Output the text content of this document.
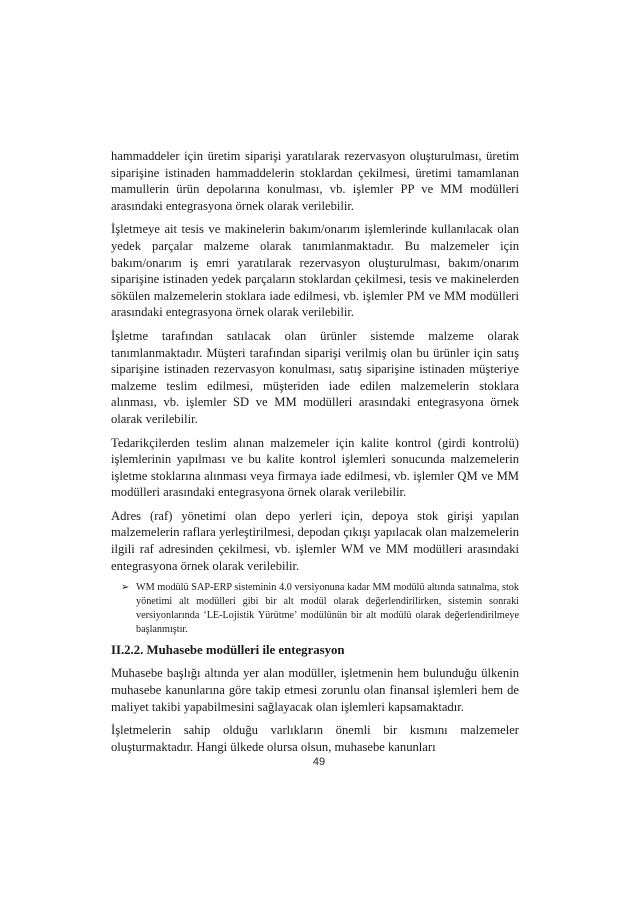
hammaddeler için üretim siparişi yaratılarak rezervasyon oluşturulması, üretim siparişine istinaden hammaddelerin stoklardan çekilmesi, üretimi tamamlanan mamullerin ürün depolarına konulması, vb. işlemler PP ve MM modülleri arasındaki entegrasyona örnek olarak verilebilir.

İşletmeye ait tesis ve makinelerin bakım/onarım işlemlerinde kullanılacak olan yedek parçalar malzeme olarak tanımlanmaktadır. Bu malzemeler için bakım/onarım iş emri yaratılarak rezervasyon oluşturulması, bakım/onarım siparişine istinaden yedek parçaların stoklardan çekilmesi, tesis ve makinelerden sökülen malzemelerin stoklara iade edilmesi, vb. işlemler PM ve MM modülleri arasındaki entegrasyona örnek olarak verilebilir.

İşletme tarafından satılacak olan ürünler sistemde malzeme olarak tanımlanmaktadır. Müşteri tarafından siparişi verilmiş olan bu ürünler için satış siparişine istinaden rezervasyon konulması, satış siparişine istinaden müşteriye malzeme teslim edilmesi, müşteriden iade edilen malzemelerin stoklara alınması, vb. işlemler SD ve MM modülleri arasındaki entegrasyona örnek olarak verilebilir.

Tedarikçilerden teslim alınan malzemeler için kalite kontrol (girdi kontrolü) işlemlerinin yapılması ve bu kalite kontrol işlemleri sonucunda malzemelerin işletme stoklarına alınması veya firmaya iade edilmesi, vb. işlemler QM ve MM modülleri arasındaki entegrasyona örnek olarak verilebilir.

Adres (raf) yönetimi olan depo yerleri için, depoya stok girişi yapılan malzemelerin raflara yerleştirilmesi, depodan çıkışı yapılacak olan malzemelerin ilgili raf adresinden çekilmesi, vb. işlemler WM ve MM modülleri arasındaki entegrasyona örnek olarak verilebilir.

➢ WM modülü SAP-ERP sisteminin 4.0 versiyonuna kadar MM modülü altında satınalma, stok yönetimi alt modülleri gibi bir alt modül olarak değerlendirilirken, sistemin sonraki versiyonlarında ‘LE-Lojistik Yürütme’ modülünün bir alt modülü olarak değerlendirilmeye başlanmıştır.
II.2.2. Muhasebe modülleri ile entegrasyon

Muhasebe başlığı altında yer alan modüller, işletmenin hem bulunduğu ülkenin muhasebe kanunlarına göre takip etmesi zorunlu olan finansal işlemleri hem de maliyet takibi yapabilmesini sağlayacak olan işlemleri kapsamaktadır.

İşletmelerin sahip olduğu varlıkların önemli bir kısmını malzemeler oluşturmaktadır. Hangi ülkede olursa olsun, muhasebe kanunları

49
